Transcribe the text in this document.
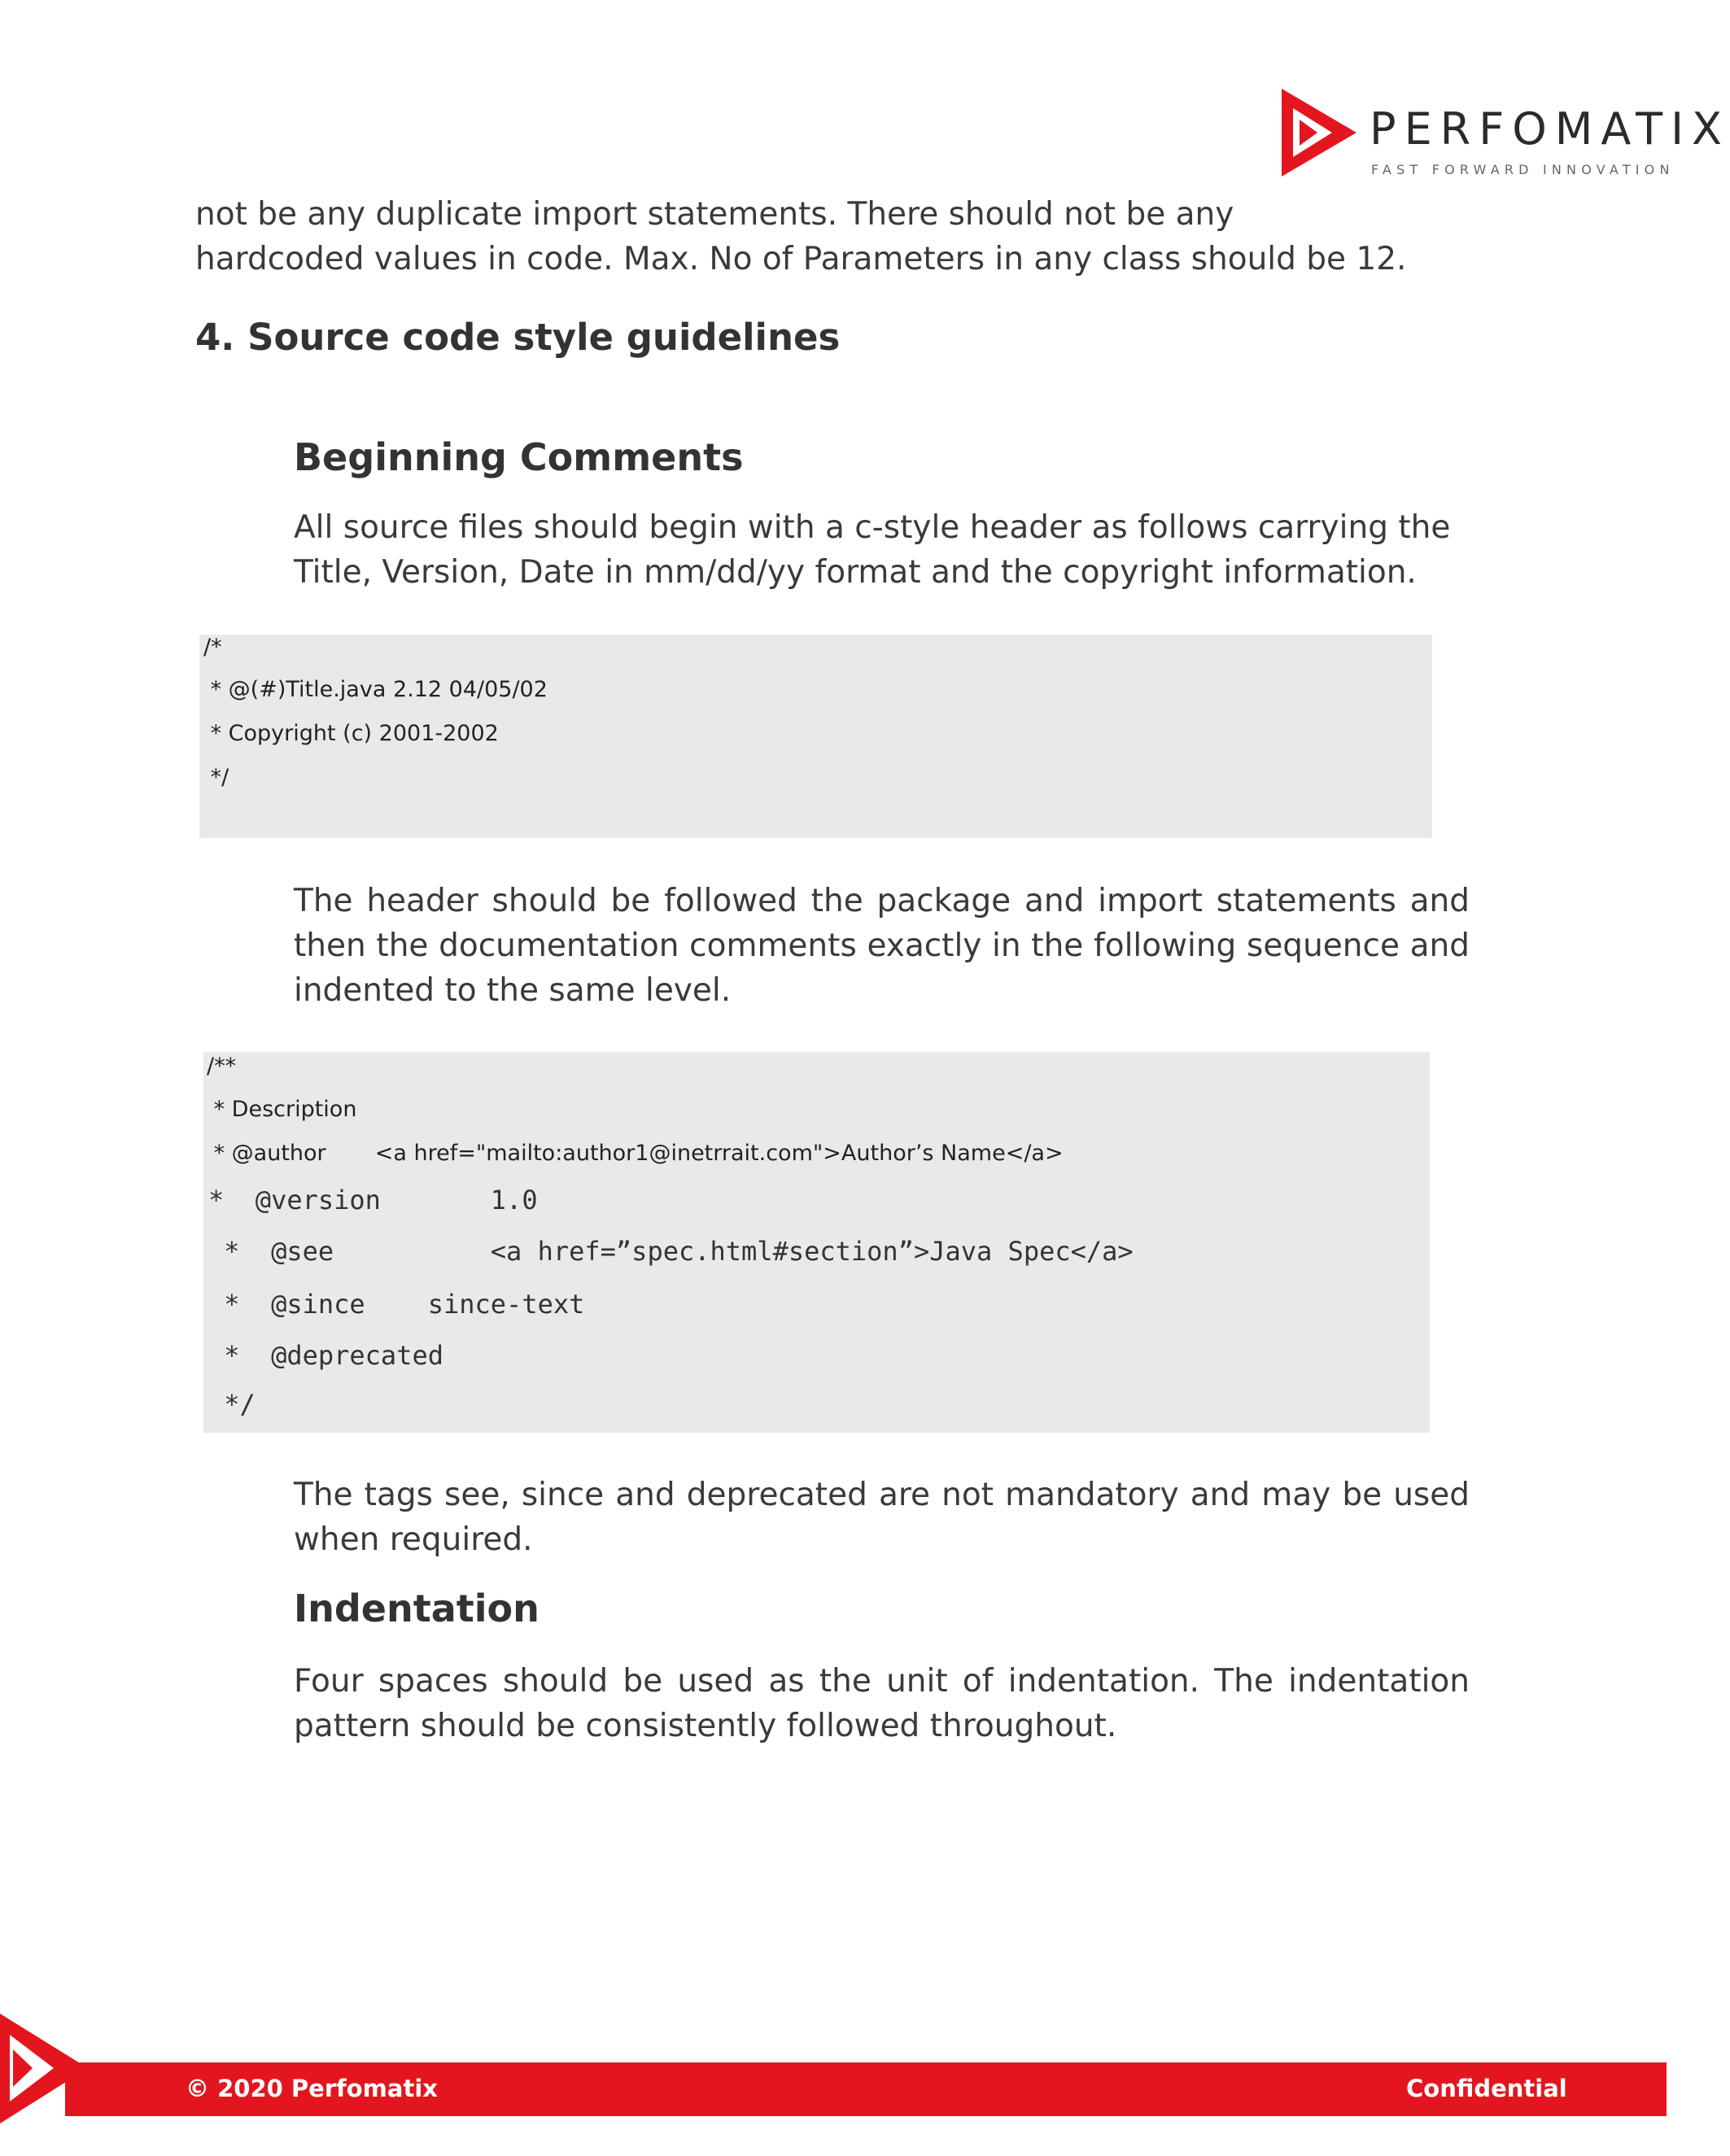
PERFOMATIX
FAST FORWARD INNOVATION
not be any duplicate import statements. There should not be any
hardcoded values in code. Max. No of Parameters in any class should be 12.
4. Source code style guidelines
Beginning Comments
All source files should begin with a c-style header as follows carrying the Title, Version, Date in mm/dd/yy format and the copyright information.
/*
* @(#)Title.java 2.12 04/05/02
* Copyright (c) 2001-2002
*/
The header should be followed the package and import statements and then the documentation comments exactly in the following sequence and indented to the same level.
/**
* Description
* @author       <a href="mailto:author1@inetrrait.com">Author’s Name</a>
*  @version       1.0
*  @see          <a href=”spec.html#section”>Java Spec</a>
*  @since    since-text
*  @deprecated
*/
The tags see, since and deprecated are not mandatory and may be used when required.
Indentation
Four spaces should be used as the unit of indentation. The indentation pattern should be consistently followed throughout.
© 2020 Perfomatix	Confidential
